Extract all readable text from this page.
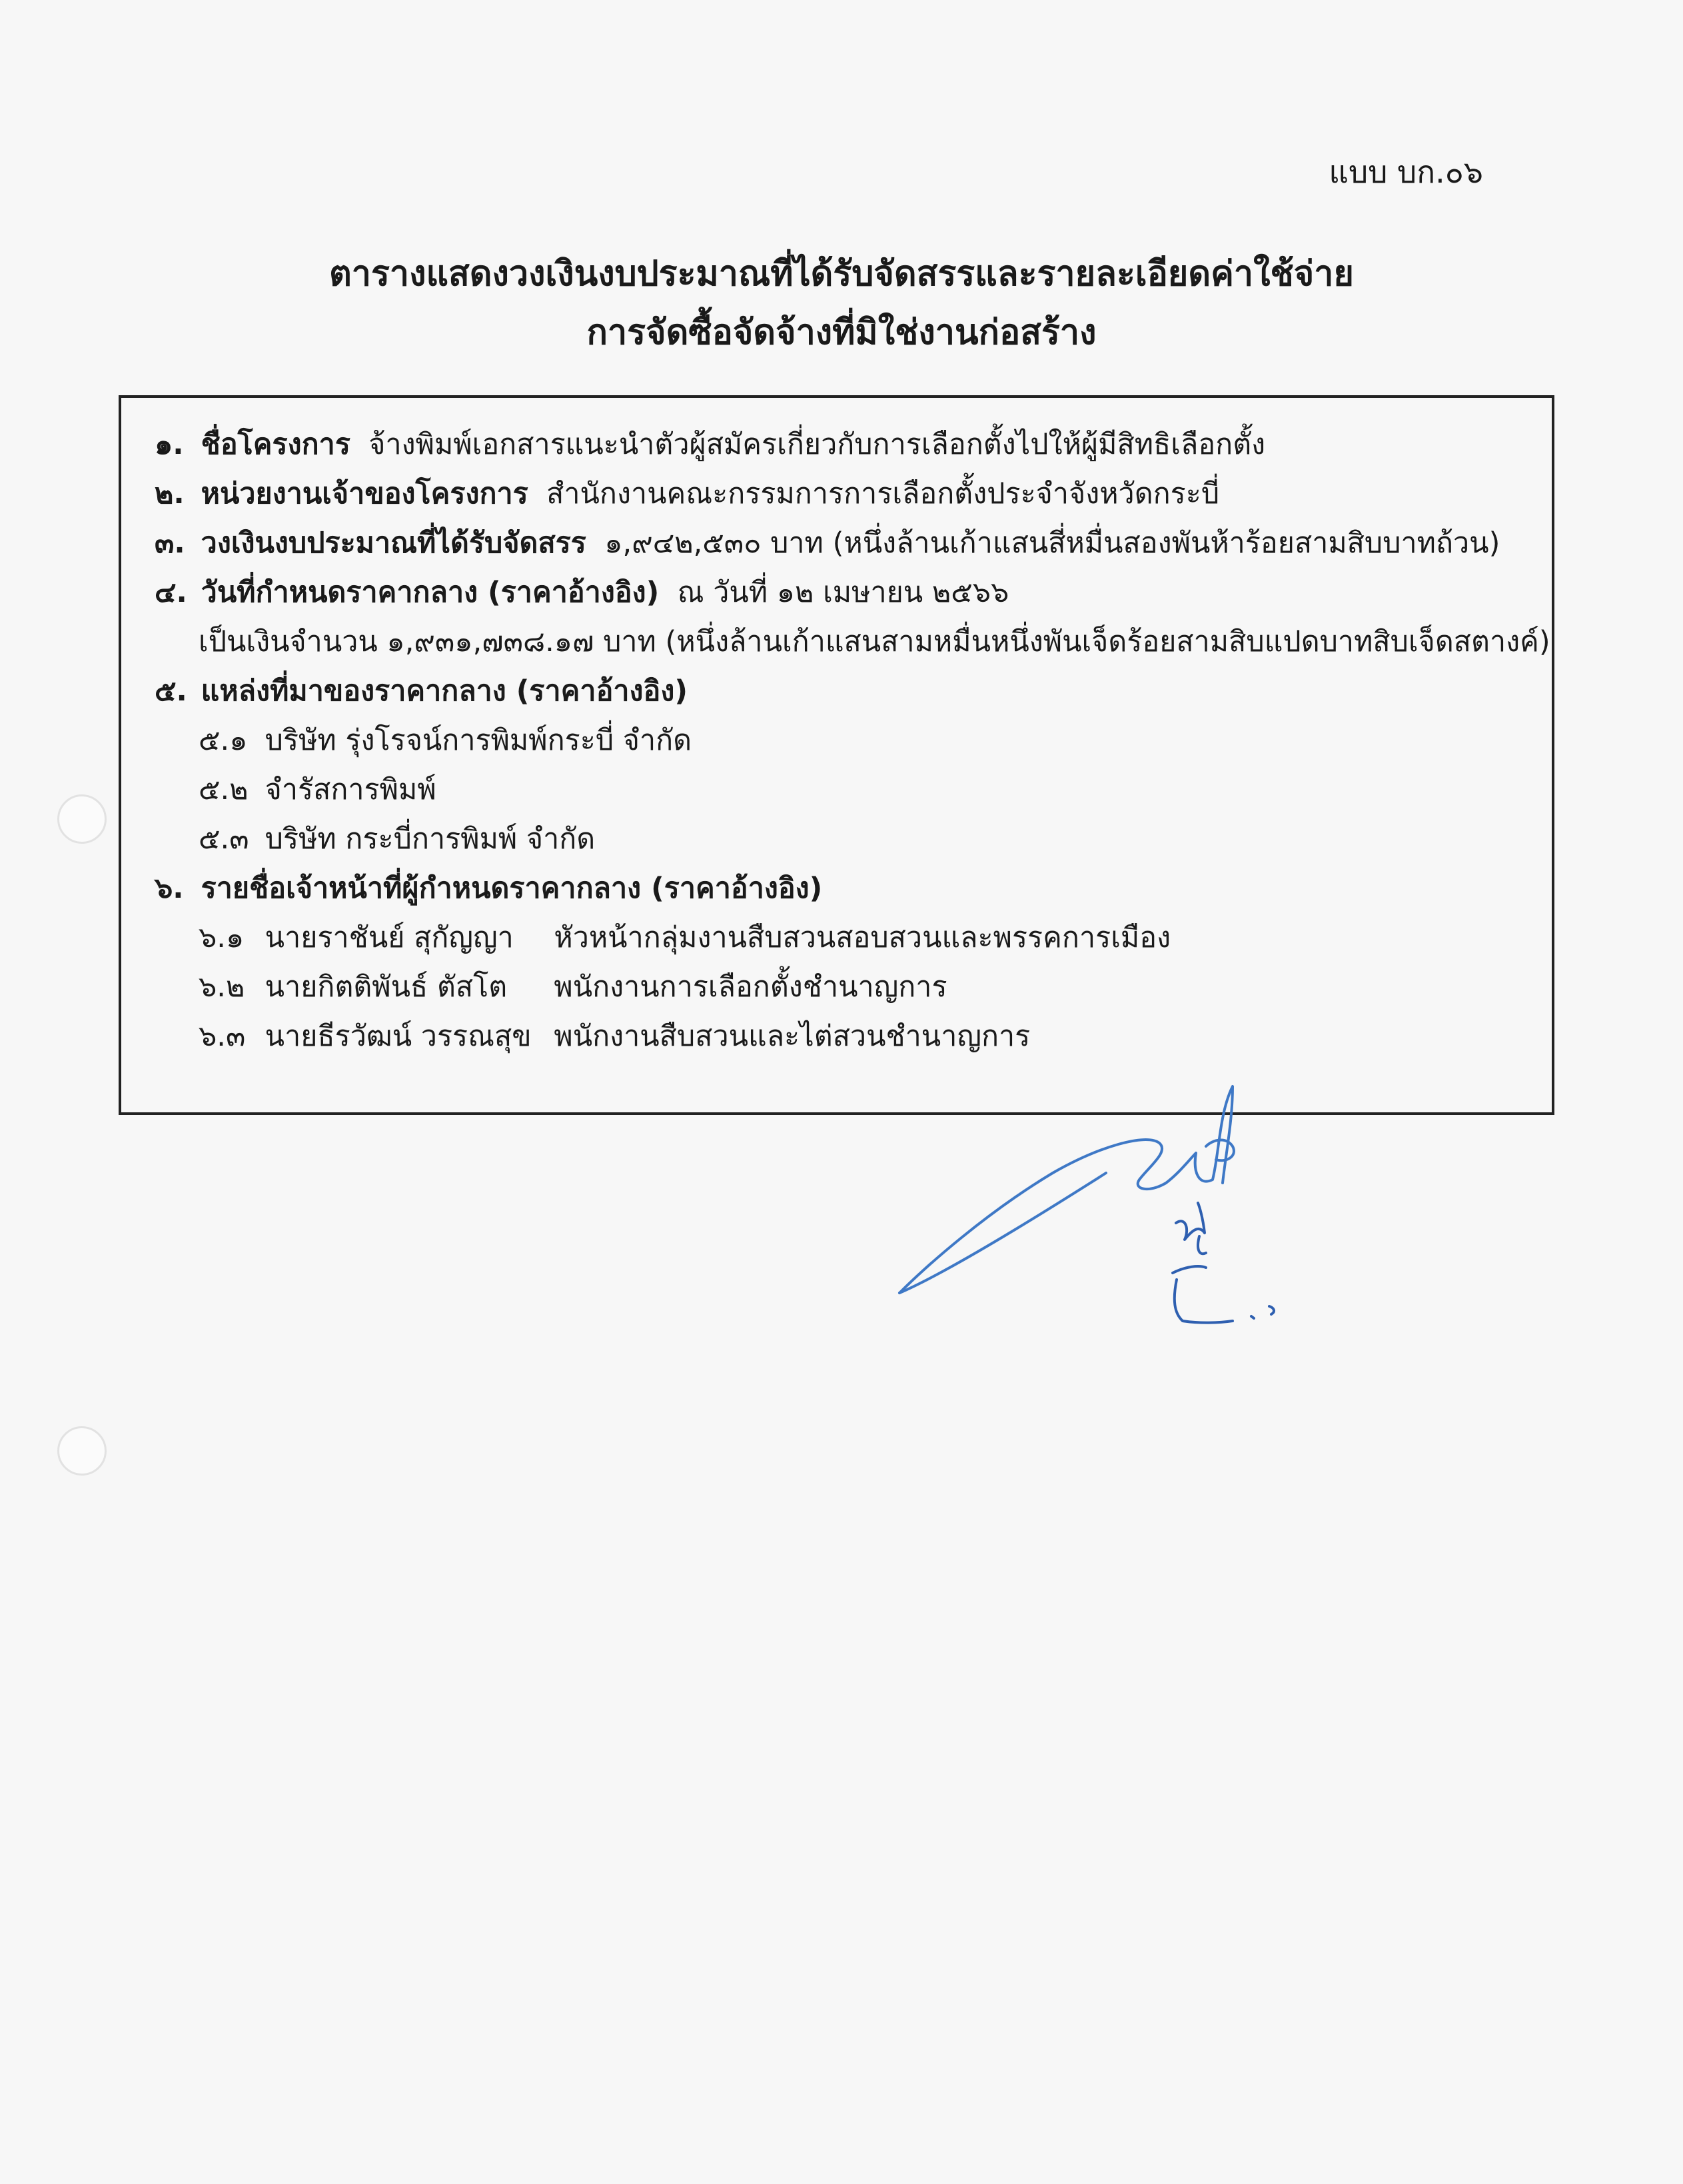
แบบ บก.๐๖
ตารางแสดงวงเงินงบประมาณที่ได้รับจัดสรรและรายละเอียดค่าใช้จ่าย
การจัดซื้อจัดจ้างที่มิใช่งานก่อสร้าง
๑. ชื่อโครงการ จ้างพิมพ์เอกสารแนะนำตัวผู้สมัครเกี่ยวกับการเลือกตั้งไปให้ผู้มีสิทธิเลือกตั้ง
๒. หน่วยงานเจ้าของโครงการ สำนักงานคณะกรรมการการเลือกตั้งประจำจังหวัดกระบี่
๓. วงเงินงบประมาณที่ได้รับจัดสรร ๑,๙๔๒,๕๓๐ บาท (หนึ่งล้านเก้าแสนสี่หมื่นสองพันห้าร้อยสามสิบบาทถ้วน)
๔. วันที่กำหนดราคากลาง (ราคาอ้างอิง) ณ วันที่ ๑๒ เมษายน ๒๕๖๖
เป็นเงินจำนวน ๑,๙๓๑,๗๓๘.๑๗ บาท (หนึ่งล้านเก้าแสนสามหมื่นหนึ่งพันเจ็ดร้อยสามสิบแปดบาทสิบเจ็ดสตางค์)
๕. แหล่งที่มาของราคากลาง (ราคาอ้างอิง)
๕.๑ บริษัท รุ่งโรจน์การพิมพ์กระบี่ จำกัด
๕.๒ จำรัสการพิมพ์
๕.๓ บริษัท กระบี่การพิมพ์ จำกัด
๖. รายชื่อเจ้าหน้าที่ผู้กำหนดราคากลาง (ราคาอ้างอิง)
๖.๑ นายราชันย์ สุกัญญา หัวหน้ากลุ่มงานสืบสวนสอบสวนและพรรคการเมือง
๖.๒ นายกิตติพันธ์ ตัสโต พนักงานการเลือกตั้งชำนาญการ
๖.๓ นายธีรวัฒน์ วรรณสุข พนักงานสืบสวนและไต่สวนชำนาญการ
